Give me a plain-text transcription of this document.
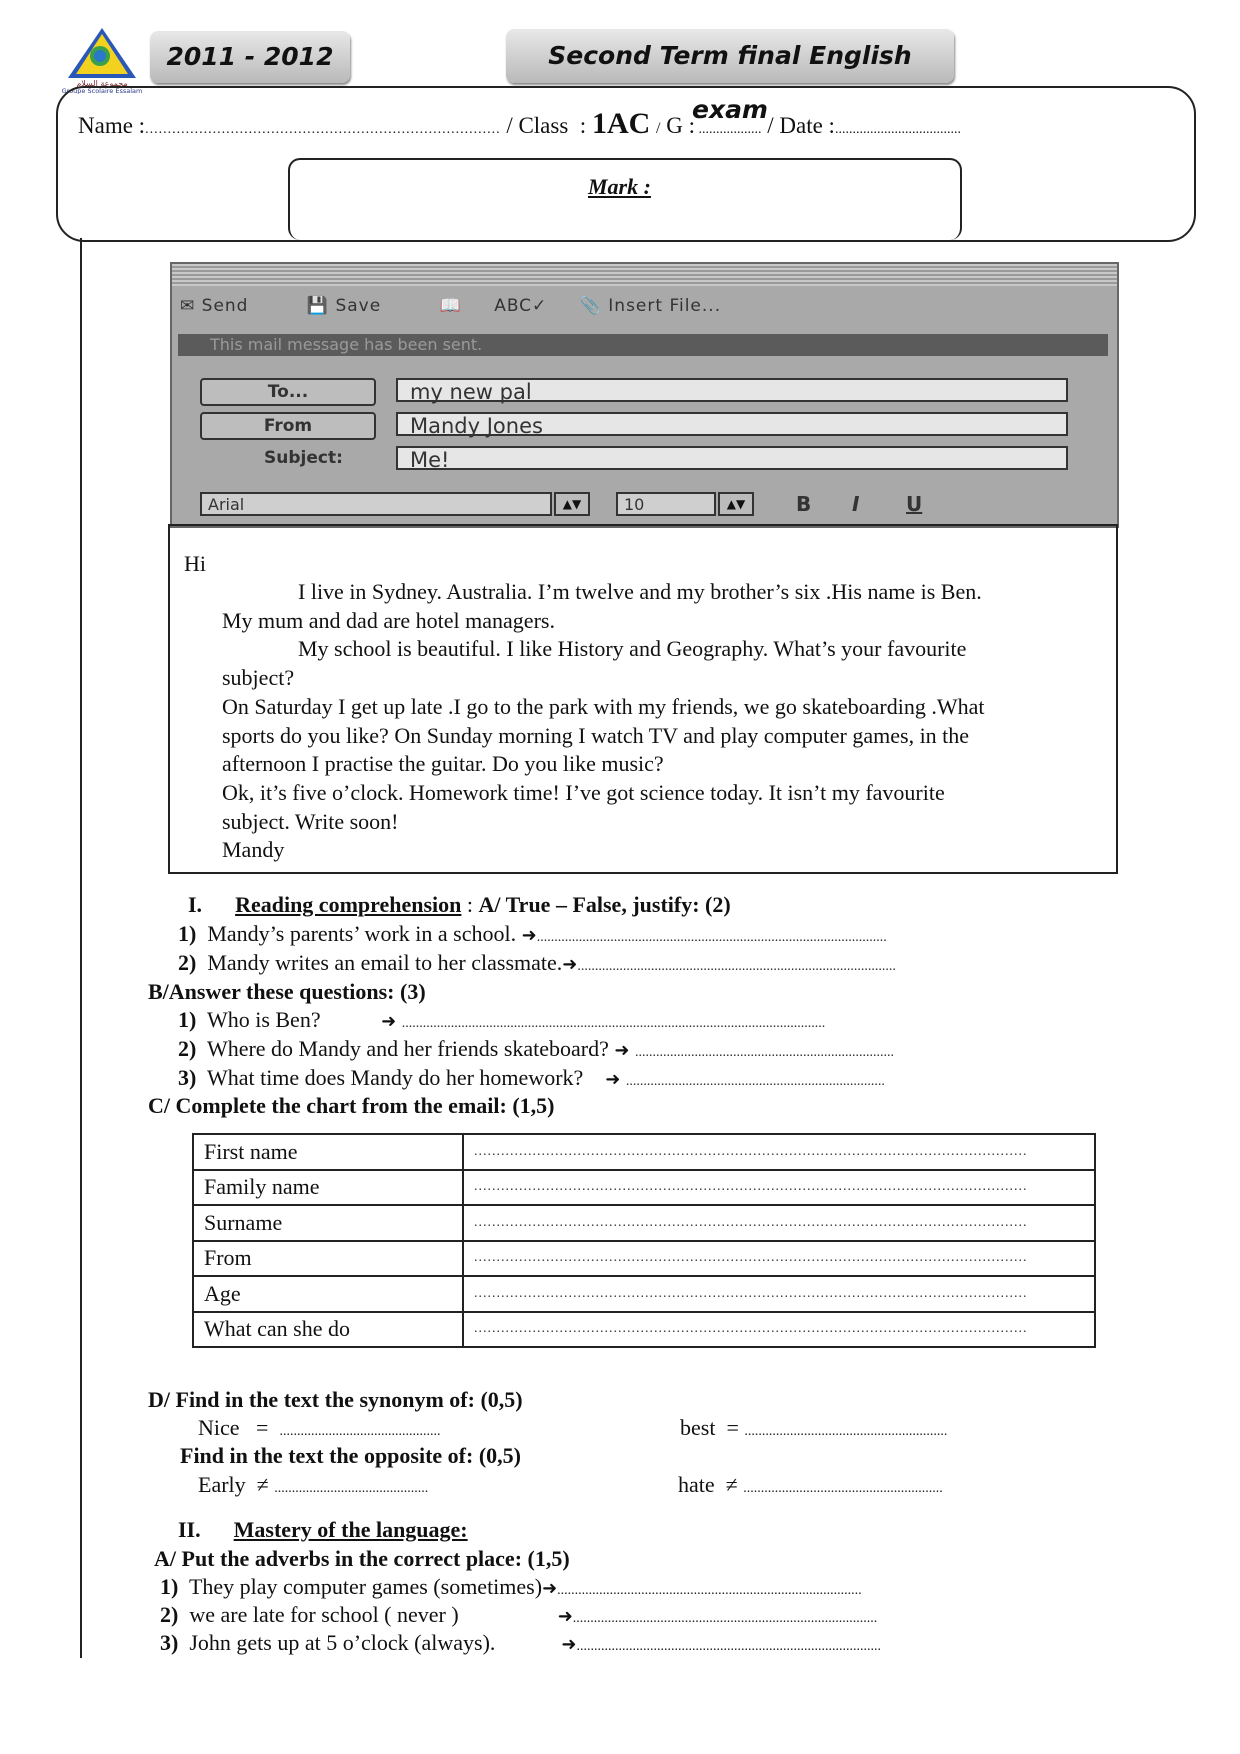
مجموعة السلام
Groupe Scolaire Essalam
2011 - 2012	Second Term final English exam
Name :............................................................................... / Class  : 1AC / G : .................. / Date :....................................
Mark :
✉ Send	💾 Save	📖 ABC✓ 📎 Insert File...
This mail message has been sent.
To...	my new pal
From	Mandy Jones
Subject:	Me!
Arial	▲▼	10	▲▼	B I U

Hi

I live in Sydney. Australia. I’m twelve and my brother’s six .His name is Ben.

My mum and dad are hotel managers.

My school is beautiful. I like History and Geography. What’s your favourite

subject?

On Saturday I get up late .I go to the park with my friends, we go skateboarding .What

sports do you like? On Sunday morning I watch TV and play computer games, in the

afternoon I practise the guitar. Do you like music?

Ok, it’s five o’clock. Homework time! I’ve got science today. It isn’t my favourite

subject. Write soon!

Mandy

I. Reading comprehension : A/ True – False, justify: (2)
1) Mandy’s parents’ work in a school. ➜....................................................................................................
2) Mandy writes an email to her classmate.➜...........................................................................................
B/Answer these questions: (3)
1) Who is Ben?	➜ .........................................................................................................................
2) Where do Mandy and her friends skateboard? ➜ ..........................................................................
3) What time does Mandy do her homework? ➜ ..........................................................................
C/ Complete the chart from the email: (1,5)
First name	...........................................................................................................................
Family name	...........................................................................................................................
Surname	...........................................................................................................................
From	...........................................................................................................................
Age	...........................................................................................................................
What can she do	...........................................................................................................................
D/ Find in the text the synonym of: (0,5)
Nice   =  ..............................................	best  = ..........................................................
Find in the text the opposite of: (0,5)
Early  ≠ ............................................	hate  ≠ .........................................................
II. Mastery of the language:
A/ Put the adverbs in the correct place: (1,5)
1) They play computer games (sometimes)➜.......................................................................................
2) we are late for school ( never )	➜.......................................................................................
3) John gets up at 5 o’clock (always).	➜.......................................................................................
